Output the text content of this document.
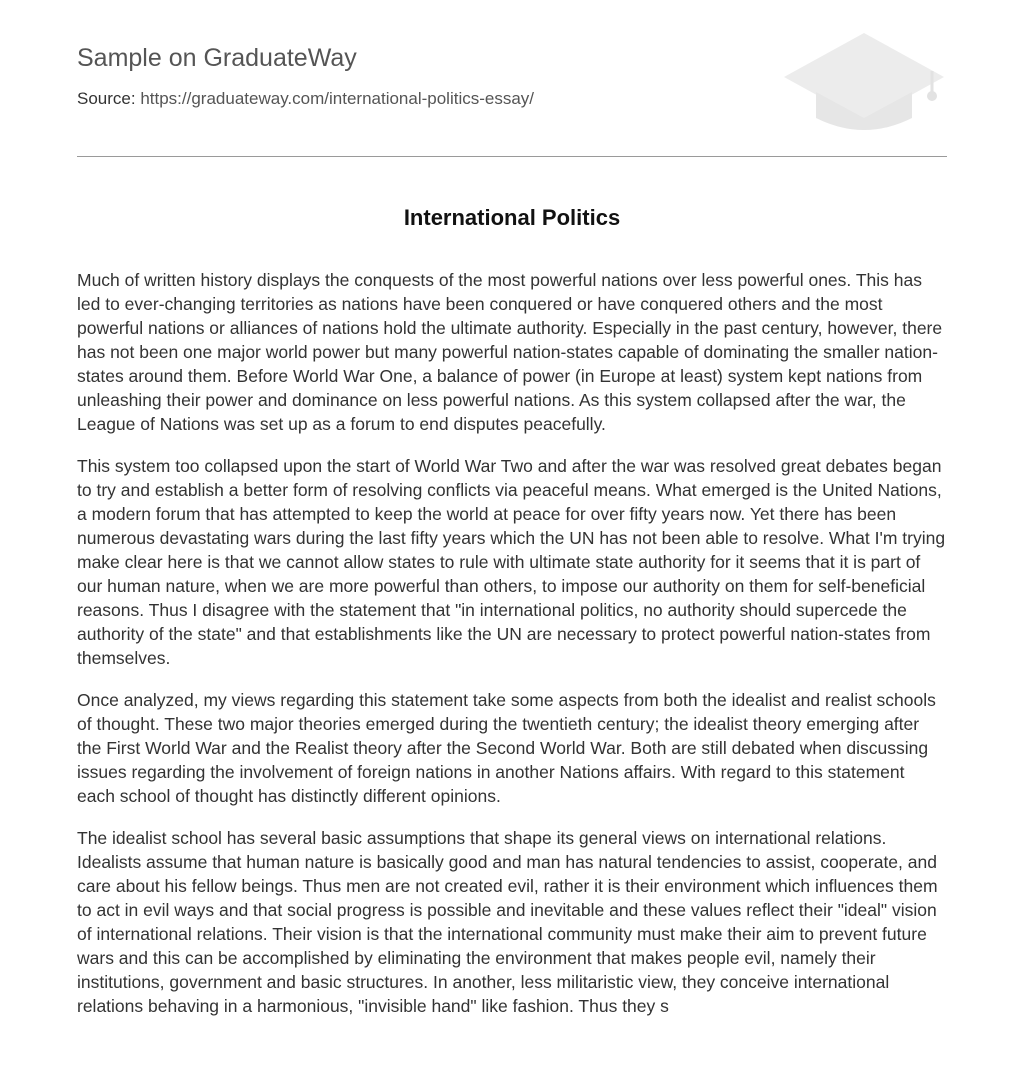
Sample on GraduateWay
Source: https://graduateway.com/international-politics-essay/
International Politics

Much of written history displays the conquests of the most powerful nations over less powerful ones. This has led to ever-changing territories as nations have been conquered or have conquered others and the most powerful nations or alliances of nations hold the ultimate authority. Especially in the past century, however, there has not been one major world power but many powerful nation-states capable of dominating the smaller nation-states around them. Before World War One, a balance of power (in Europe at least) system kept nations from unleashing their power and dominance on less powerful nations. As this system collapsed after the war, the League of Nations was set up as a forum to end disputes peacefully.

This system too collapsed upon the start of World War Two and after the war was resolved great debates began to try and establish a better form of resolving conflicts via peaceful means. What emerged is the United Nations, a modern forum that has attempted to keep the world at peace for over fifty years now. Yet there has been numerous devastating wars during the last fifty years which the UN has not been able to resolve. What I'm trying make clear here is that we cannot allow states to rule with ultimate state authority for it seems that it is part of our human nature, when we are more powerful than others, to impose our authority on them for self-beneficial reasons. Thus I disagree with the statement that "in international politics, no authority should supercede the authority of the state" and that establishments like the UN are necessary to protect powerful nation-states from themselves.

Once analyzed, my views regarding this statement take some aspects from both the idealist and realist schools of thought. These two major theories emerged during the twentieth century; the idealist theory emerging after the First World War and the Realist theory after the Second World War. Both are still debated when discussing issues regarding the involvement of foreign nations in another Nations affairs. With regard to this statement each school of thought has distinctly different opinions.

The idealist school has several basic assumptions that shape its general views on international relations. Idealists assume that human nature is basically good and man has natural tendencies to assist, cooperate, and care about his fellow beings. Thus men are not created evil, rather it is their environment which influences them to act in evil ways and that social progress is possible and inevitable and these values reflect their "ideal" vision of international relations. Their vision is that the international community must make their aim to prevent future wars and this can be accomplished by eliminating the environment that makes people evil, namely their institutions, government and basic structures. In another, less militaristic view, they conceive international relations behaving in a harmonious, "invisible hand" like fashion. Thus they s
